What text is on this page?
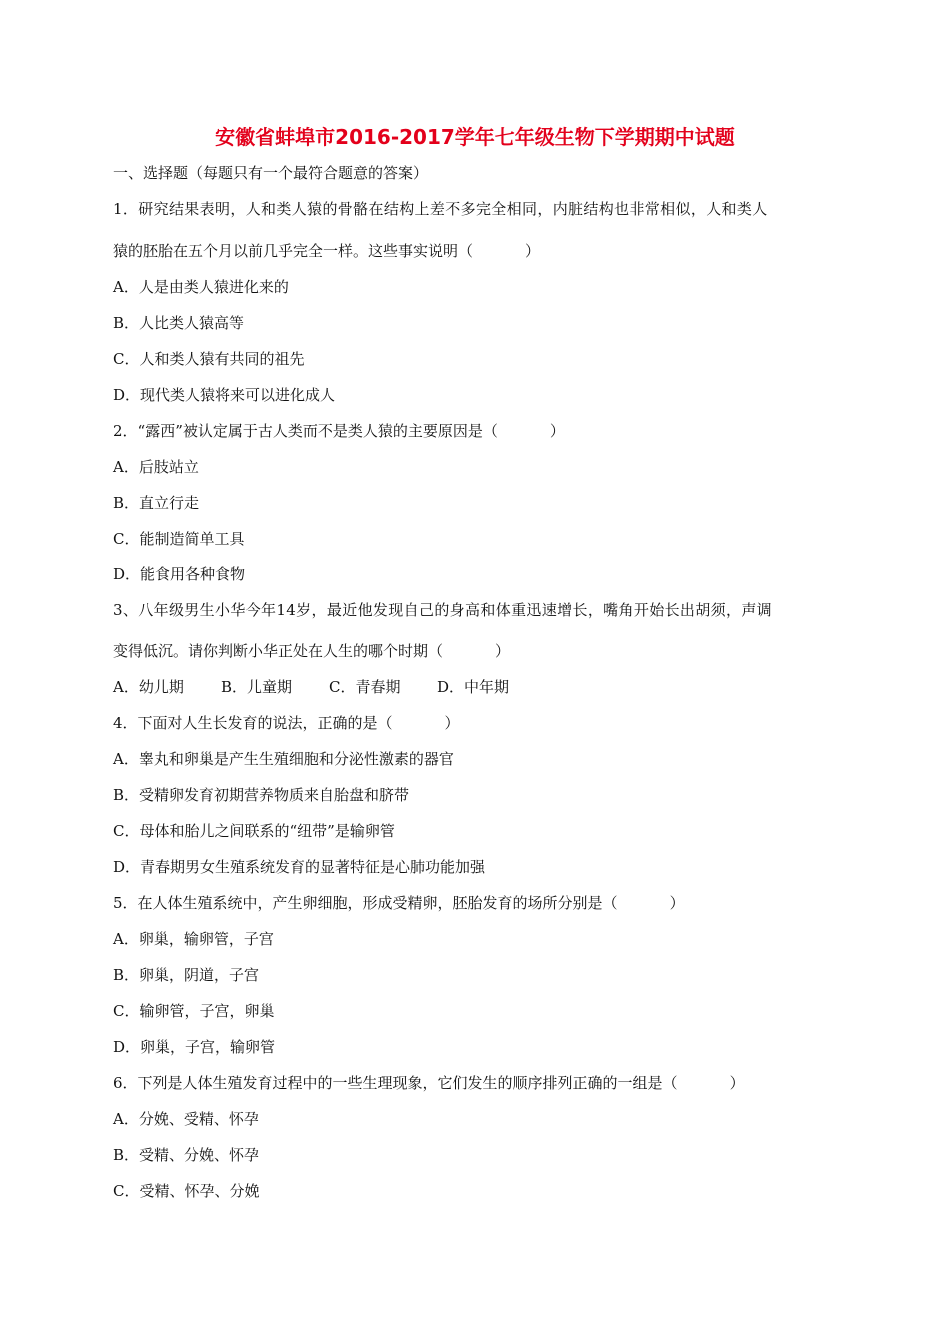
安徽省蚌埠市2016-2017学年七年级生物下学期期中试题
一、选择题（每题只有一个最符合题意的答案）
1．研究结果表明，人和类人猿的骨骼在结构上差不多完全相同，内脏结构也非常相似，人和类人
猿的胚胎在五个月以前几乎完全一样。这些事实说明（	）
A．人是由类人猿进化来的
B．人比类人猿高等
C．人和类人猿有共同的祖先
D．现代类人猿将来可以进化成人
2．“露西”被认定属于古人类而不是类人猿的主要原因是（	）
A．后肢站立
B．直立行走
C．能制造简单工具
D．能食用各种食物
3、八年级男生小华今年14岁，最近他发现自己的身高和体重迅速增长，嘴角开始长出胡须，声调
变得低沉。请你判断小华正处在人生的哪个时期（	）
A．幼儿期 B．儿童期 C．青春期 D．中年期
4．下面对人生长发育的说法，正确的是（	）
A．睾丸和卵巢是产生生殖细胞和分泌性激素的器官
B．受精卵发育初期营养物质来自胎盘和脐带
C．母体和胎儿之间联系的“纽带”是输卵管
D．青春期男女生殖系统发育的显著特征是心肺功能加强
5．在人体生殖系统中，产生卵细胞，形成受精卵，胚胎发育的场所分别是（	）
A．卵巢，输卵管，子宫
B．卵巢，阴道，子宫
C．输卵管，子宫，卵巢
D．卵巢，子宫，输卵管
6．下列是人体生殖发育过程中的一些生理现象，它们发生的顺序排列正确的一组是（	）
A．分娩、受精、怀孕
B．受精、分娩、怀孕
C．受精、怀孕、分娩
